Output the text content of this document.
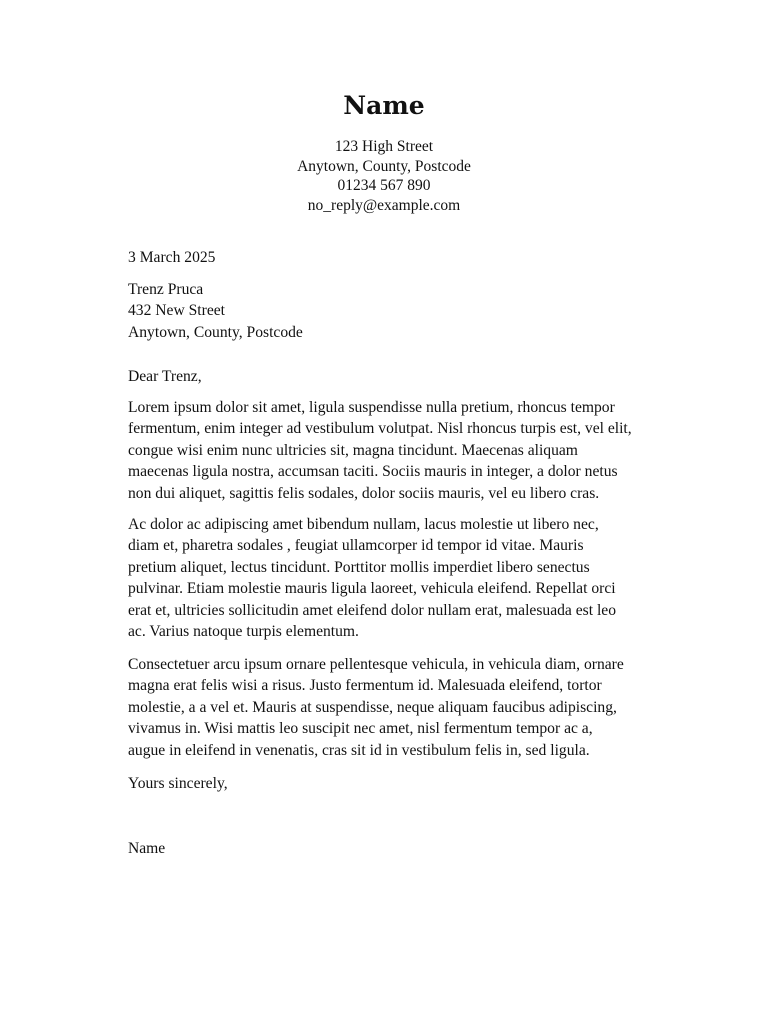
Name
123 High Street
Anytown, County, Postcode
01234 567 890
no_reply@example.com
3 March 2025
Trenz Pruca
432 New Street
Anytown, County, Postcode
Dear Trenz,
Lorem ipsum dolor sit amet, ligula suspendisse nulla pretium, rhoncus tempor
fermentum, enim integer ad vestibulum volutpat. Nisl rhoncus turpis est, vel elit,
congue wisi enim nunc ultricies sit, magna tincidunt. Maecenas aliquam
maecenas ligula nostra, accumsan taciti. Sociis mauris in integer, a dolor netus
non dui aliquet, sagittis felis sodales, dolor sociis mauris, vel eu libero cras.
Ac dolor ac adipiscing amet bibendum nullam, lacus molestie ut libero nec,
diam et, pharetra sodales , feugiat ullamcorper id tempor id vitae. Mauris
pretium aliquet, lectus tincidunt. Porttitor mollis imperdiet libero senectus
pulvinar. Etiam molestie mauris ligula laoreet, vehicula eleifend. Repellat orci
erat et, ultricies sollicitudin amet eleifend dolor nullam erat, malesuada est leo
ac. Varius natoque turpis elementum.
Consectetuer arcu ipsum ornare pellentesque vehicula, in vehicula diam, ornare
magna erat felis wisi a risus. Justo fermentum id. Malesuada eleifend, tortor
molestie, a a vel et. Mauris at suspendisse, neque aliquam faucibus adipiscing,
vivamus in. Wisi mattis leo suscipit nec amet, nisl fermentum tempor ac a,
augue in eleifend in venenatis, cras sit id in vestibulum felis in, sed ligula.
Yours sincerely,
Name
